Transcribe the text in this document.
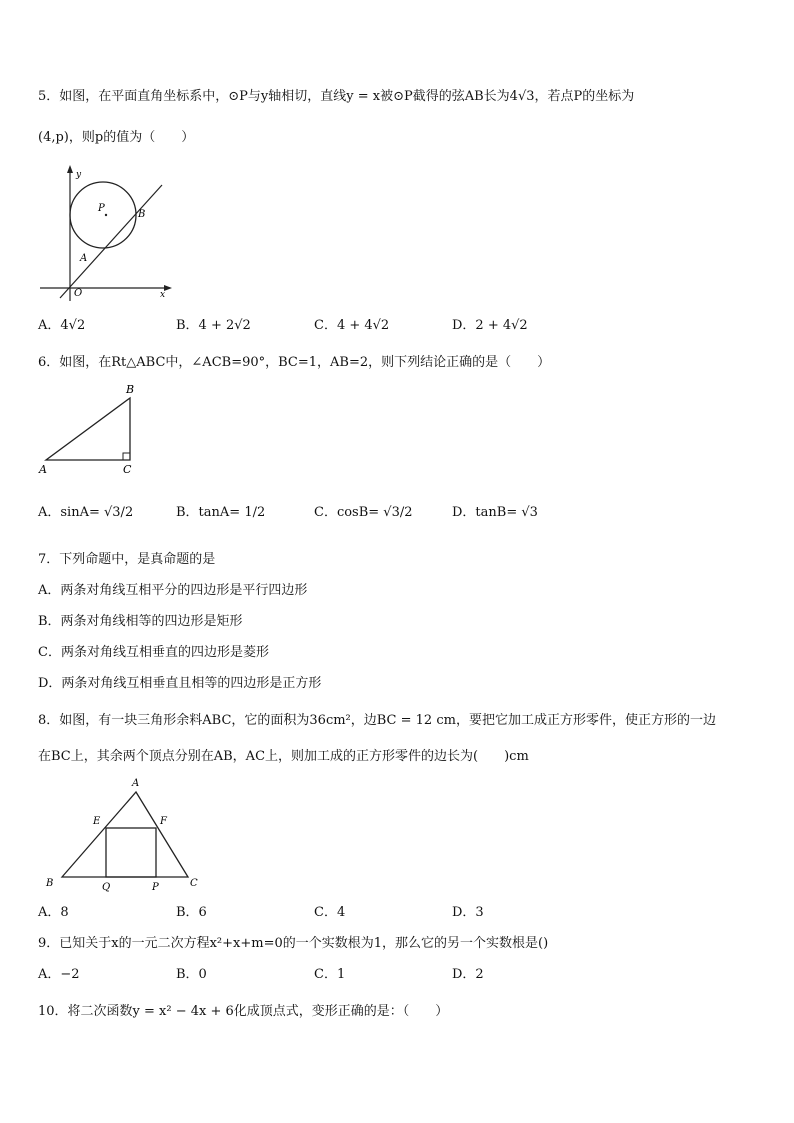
5．如图，在平面直角坐标系中，⊙P与y轴相切，直线y = x被⊙P截得的弦AB长为4√3，若点P的坐标为
(4,p)，则p的值为（　　）
y
x
O
P
A
B
A．4√2	B．4 + 2√2	C．4 + 4√2	D．2 + 4√2
6．如图，在Rt△ABC中，∠ACB=90°，BC=1，AB=2，则下列结论正确的是（　　）
A
B
C
A．sinA= √3/2	B．tanA= 1/2	C．cosB= √3/2	D．tanB= √3
7．下列命题中，是真命题的是
A．两条对角线互相平分的四边形是平行四边形
B．两条对角线相等的四边形是矩形
C．两条对角线互相垂直的四边形是菱形
D．两条对角线互相垂直且相等的四边形是正方形
8．如图，有一块三角形余料ABC，它的面积为36cm²，边BC = 12 cm，要把它加工成正方形零件，使正方形的一边
在BC上，其余两个顶点分别在AB，AC上，则加工成的正方形零件的边长为(　　)cm
A
B	C
E	F
Q	P
A．8	B．6	C．4	D．3
9．已知关于x的一元二次方程x²+x+m=0的一个实数根为1，那么它的另一个实数根是()
A．−2	B．0	C．1	D．2
10．将二次函数y = x² − 4x + 6化成顶点式，变形正确的是：（　　）
